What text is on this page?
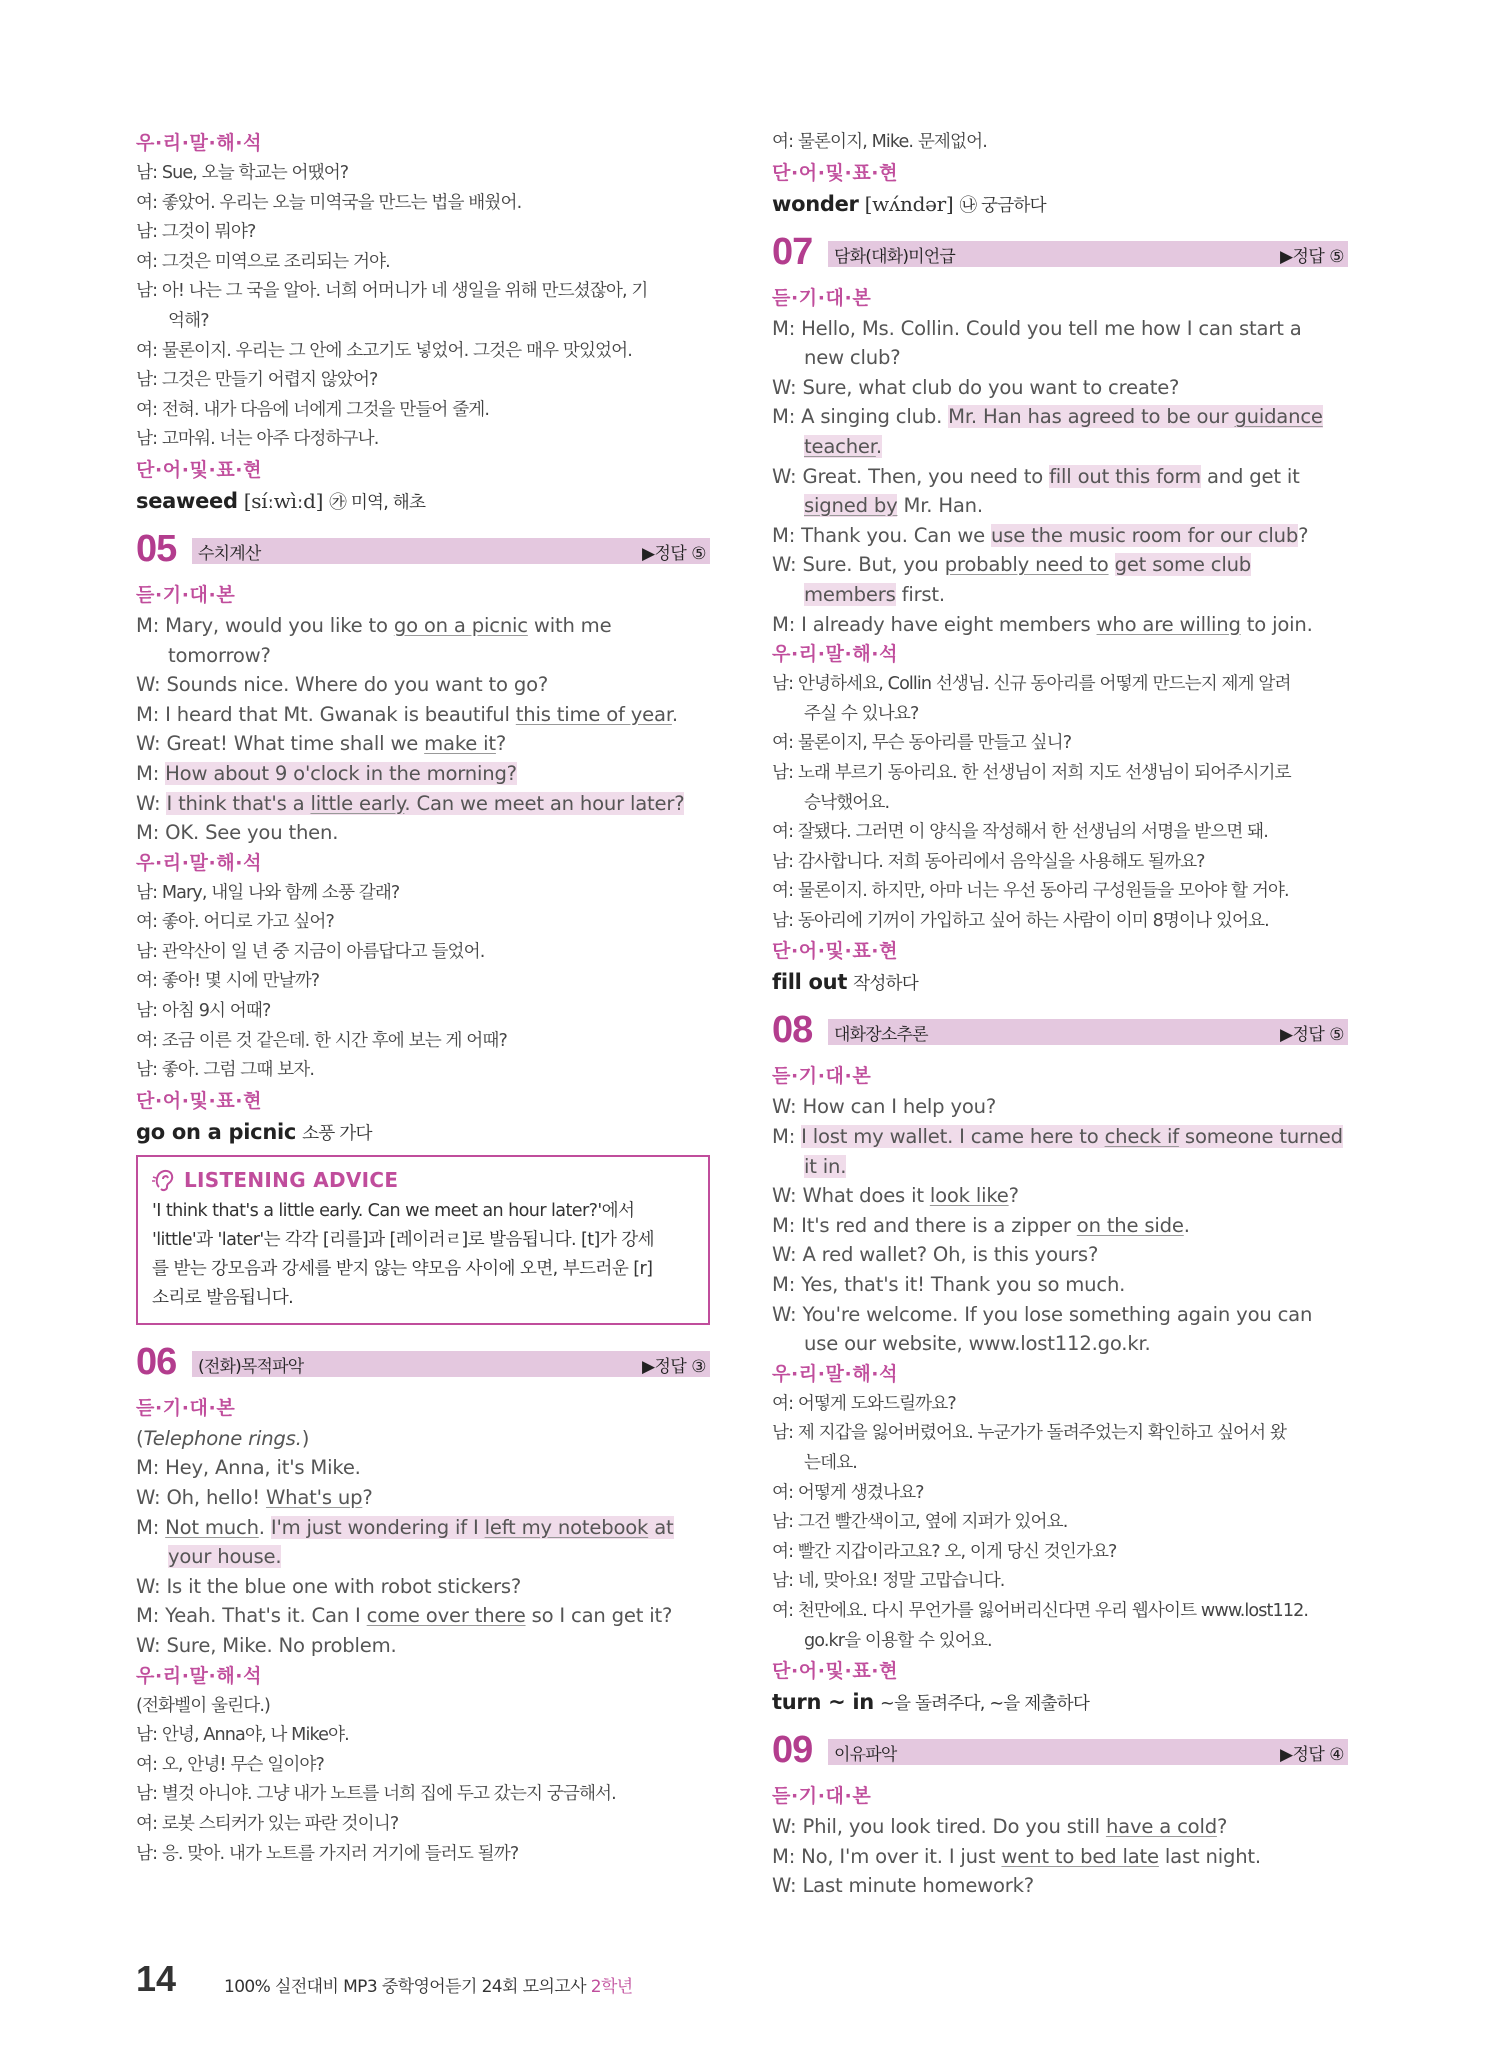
우·리·말·해·석
남: Sue, 오늘 학교는 어땠어?
여: 좋았어. 우리는 오늘 미역국을 만드는 법을 배웠어.
남: 그것이 뭐야?
여: 그것은 미역으로 조리되는 거야.
남: 아! 나는 그 국을 알아. 너희 어머니가 네 생일을 위해 만드셨잖아, 기
억해?
여: 물론이지. 우리는 그 안에 소고기도 넣었어. 그것은 매우 맛있었어.
남: 그것은 만들기 어렵지 않았어?
여: 전혀. 내가 다음에 너에게 그것을 만들어 줄게.
남: 고마워. 너는 아주 다정하구나.
단·어·및·표·현
seaweed [síːwìːd] ㉮ 미역, 해초
05 수치계산	▶정답 ⑤
듣·기·대·본
M: Mary, would you like to go on a picnic with me
tomorrow?
W: Sounds nice. Where do you want to go?
M: I heard that Mt. Gwanak is beautiful this time of year.
W: Great! What time shall we make it?
M: How about 9 o'clock in the morning?
W: I think that's a little early. Can we meet an hour later?
M: OK. See you then.
우·리·말·해·석
남: Mary, 내일 나와 함께 소풍 갈래?
여: 좋아. 어디로 가고 싶어?
남: 관악산이 일 년 중 지금이 아름답다고 들었어.
여: 좋아! 몇 시에 만날까?
남: 아침 9시 어때?
여: 조금 이른 것 같은데. 한 시간 후에 보는 게 어때?
남: 좋아. 그럼 그때 보자.
단·어·및·표·현
go on a picnic 소풍 가다
LISTENING ADVICE
'I think that's a little early. Can we meet an hour later?'에서
'little'과 'later'는 각각 [리를]과 [레이러ㄹ]로 발음됩니다. [t]가 강세
를 받는 강모음과 강세를 받지 않는 약모음 사이에 오면, 부드러운 [r]
소리로 발음됩니다.
06 (전화)목적파악	▶정답 ③
듣·기·대·본
(Telephone rings.)
M: Hey, Anna, it's Mike.
W: Oh, hello! What's up?
M: Not much. I'm just wondering if I left my notebook at
your house.
W: Is it the blue one with robot stickers?
M: Yeah. That's it. Can I come over there so I can get it?
W: Sure, Mike. No problem.
우·리·말·해·석
(전화벨이 울린다.)
남: 안녕, Anna야, 나 Mike야.
여: 오, 안녕! 무슨 일이야?
남: 별것 아니야. 그냥 내가 노트를 너희 집에 두고 갔는지 궁금해서.
여: 로봇 스티커가 있는 파란 것이니?
남: 응. 맞아. 내가 노트를 가지러 거기에 들러도 될까?
여: 물론이지, Mike. 문제없어.
단·어·및·표·현
wonder [wʌ́ndər] ㉯ 궁금하다
07 담화(대화)미언급	▶정답 ⑤
듣·기·대·본
M: Hello, Ms. Collin. Could you tell me how I can start a
new club?
W: Sure, what club do you want to create?
M: A singing club. Mr. Han has agreed to be our guidance
teacher.
W: Great. Then, you need to fill out this form and get it
signed by Mr. Han.
M: Thank you. Can we use the music room for our club?
W: Sure. But, you probably need to get some club
members first.
M: I already have eight members who are willing to join.
우·리·말·해·석
남: 안녕하세요, Collin 선생님. 신규 동아리를 어떻게 만드는지 제게 알려
주실 수 있나요?
여: 물론이지, 무슨 동아리를 만들고 싶니?
남: 노래 부르기 동아리요. 한 선생님이 저희 지도 선생님이 되어주시기로
승낙했어요.
여: 잘됐다. 그러면 이 양식을 작성해서 한 선생님의 서명을 받으면 돼.
남: 감사합니다. 저희 동아리에서 음악실을 사용해도 될까요?
여: 물론이지. 하지만, 아마 너는 우선 동아리 구성원들을 모아야 할 거야.
남: 동아리에 기꺼이 가입하고 싶어 하는 사람이 이미 8명이나 있어요.
단·어·및·표·현
fill out 작성하다
08 대화장소추론	▶정답 ⑤
듣·기·대·본
W: How can I help you?
M: I lost my wallet. I came here to check if someone turned
it in.
W: What does it look like?
M: It's red and there is a zipper on the side.
W: A red wallet? Oh, is this yours?
M: Yes, that's it! Thank you so much.
W: You're welcome. If you lose something again you can
use our website, www.lost112.go.kr.
우·리·말·해·석
여: 어떻게 도와드릴까요?
남: 제 지갑을 잃어버렸어요. 누군가가 돌려주었는지 확인하고 싶어서 왔
는데요.
여: 어떻게 생겼나요?
남: 그건 빨간색이고, 옆에 지퍼가 있어요.
여: 빨간 지갑이라고요? 오, 이게 당신 것인가요?
남: 네, 맞아요! 정말 고맙습니다.
여: 천만에요. 다시 무언가를 잃어버리신다면 우리 웹사이트 www.lost112.
go.kr을 이용할 수 있어요.
단·어·및·표·현
turn ~ in ~을 돌려주다, ~을 제출하다
09 이유파악	▶정답 ④
듣·기·대·본
W: Phil, you look tired. Do you still have a cold?
M: No, I'm over it. I just went to bed late last night.
W: Last minute homework?
14	100% 실전대비 MP3 중학영어듣기 24회 모의고사 2학년
